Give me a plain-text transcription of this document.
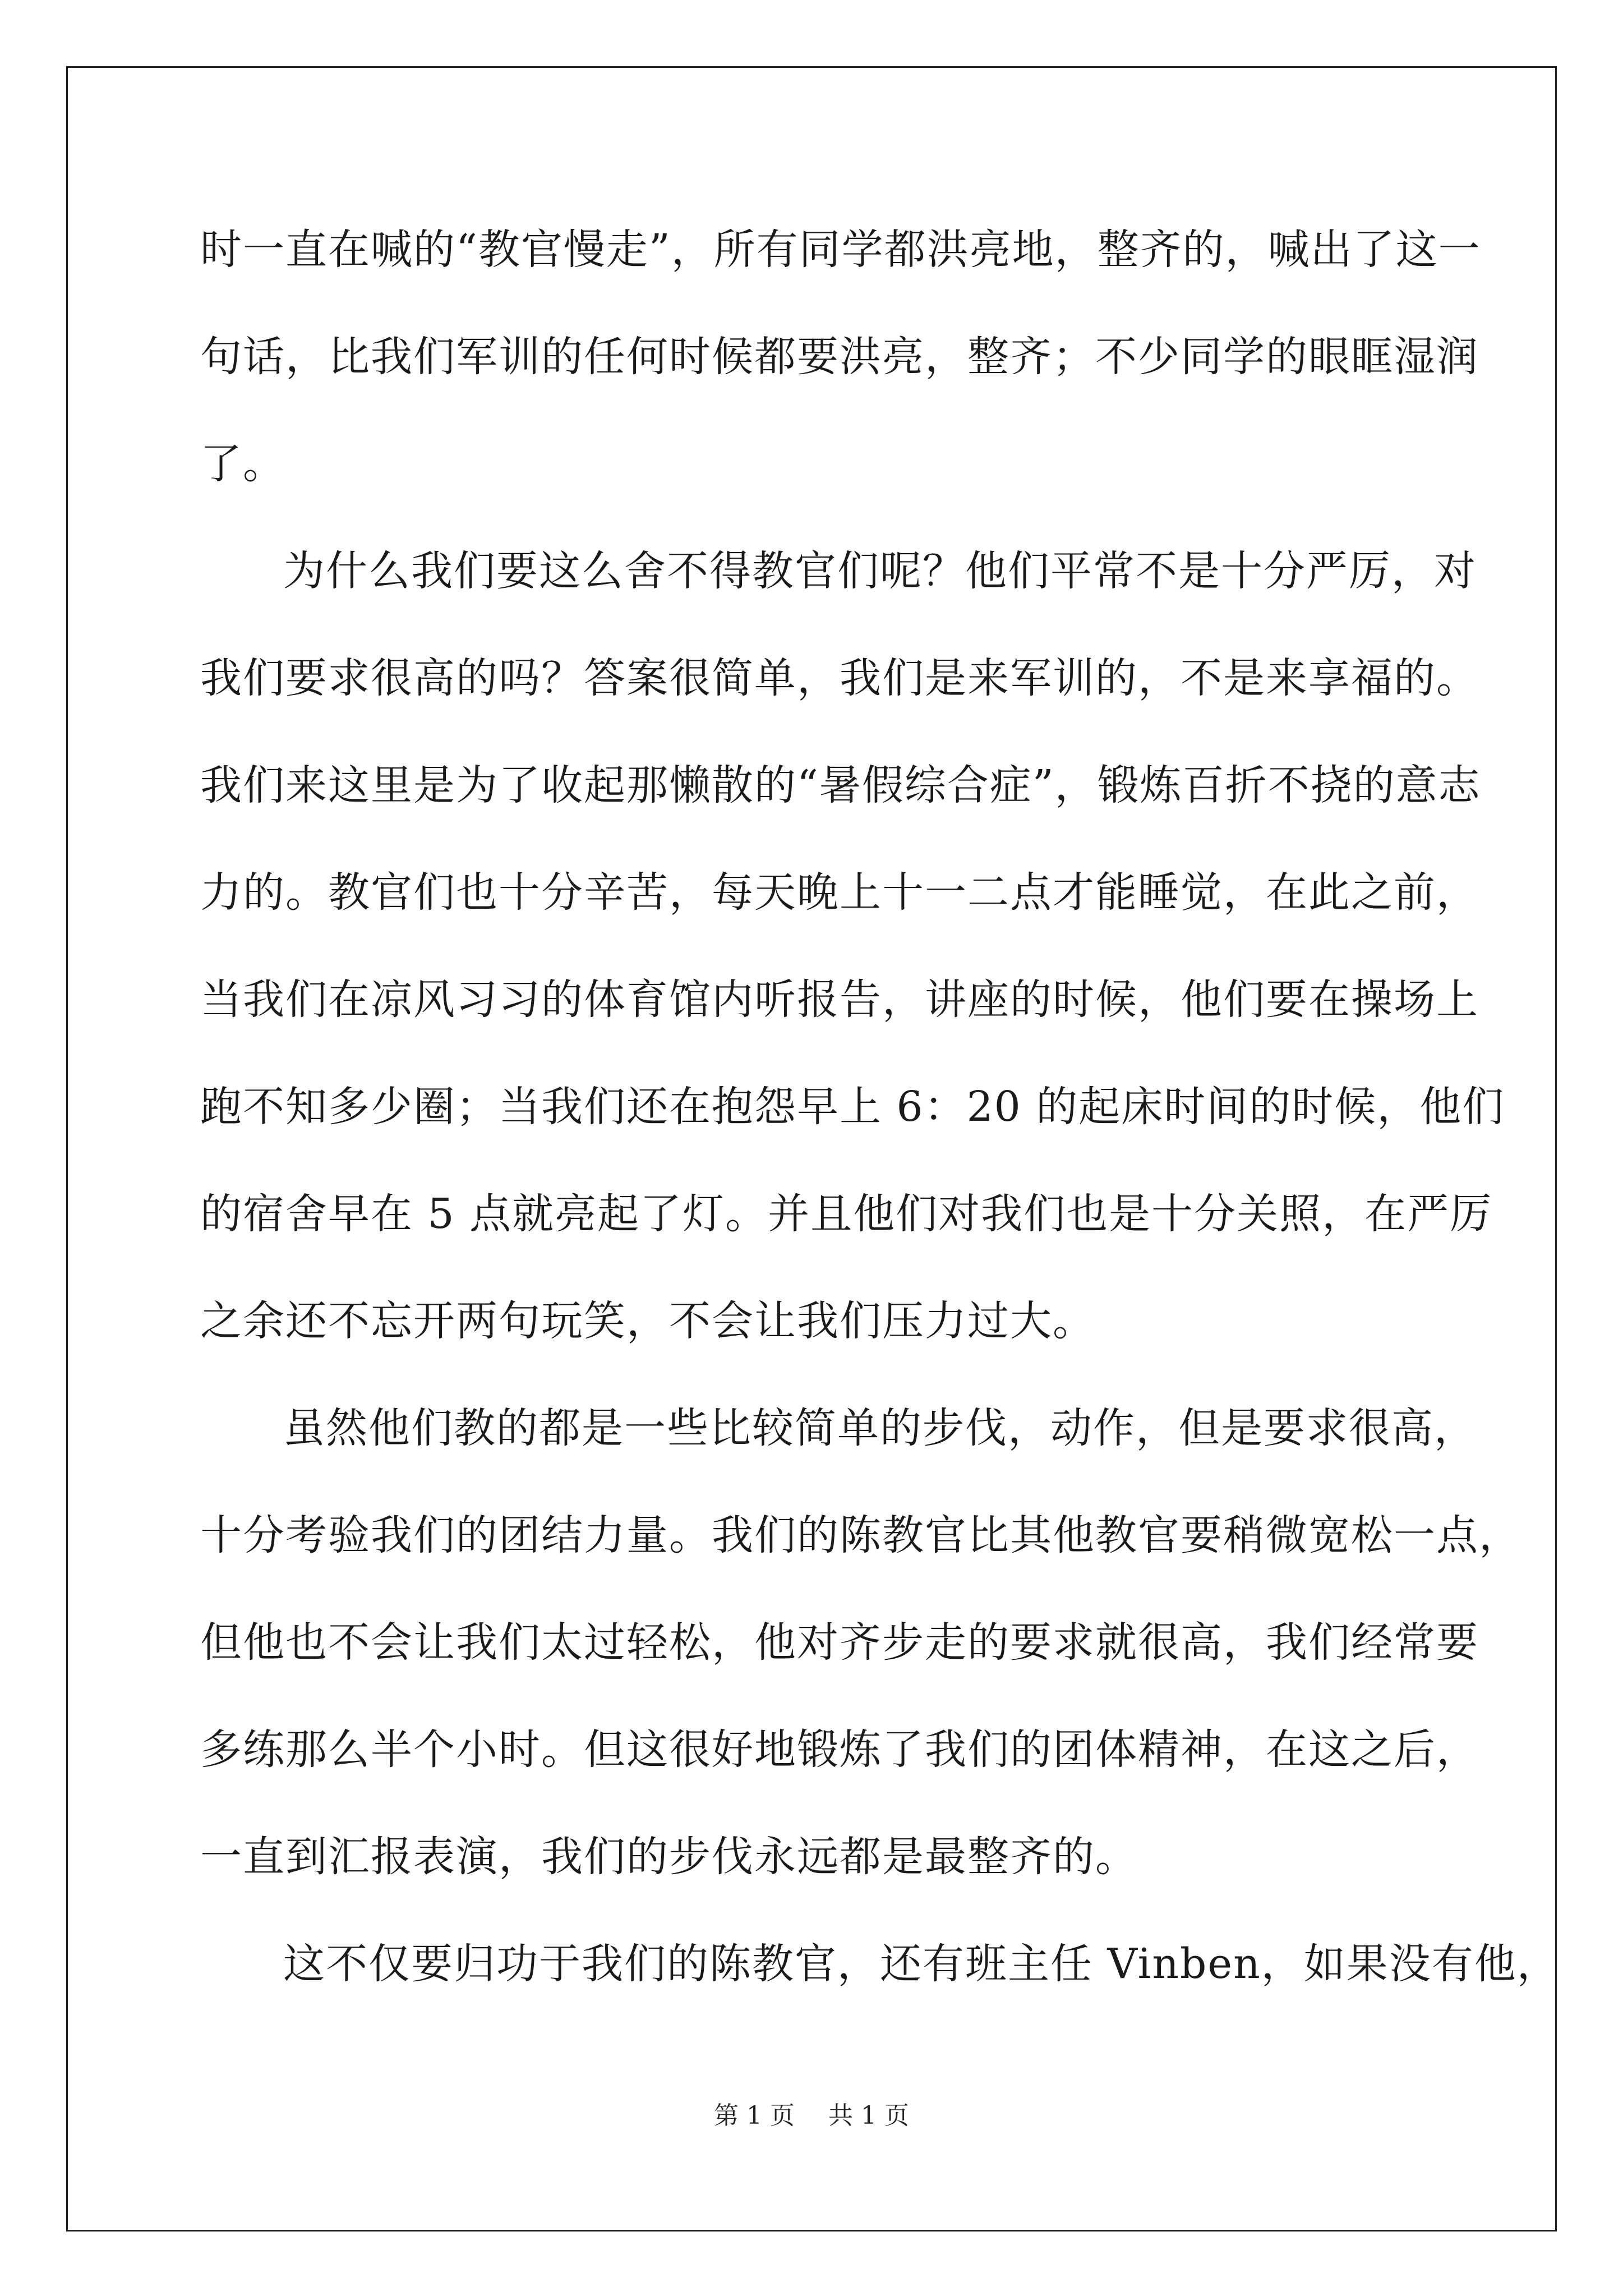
时一直在喊的“教官慢走”，所有同学都洪亮地，整齐的，喊出了这一
句话，比我们军训的任何时候都要洪亮，整齐；不少同学的眼眶湿润
了。
为什么我们要这么舍不得教官们呢？他们平常不是十分严厉，对
我们要求很高的吗？答案很简单，我们是来军训的，不是来享福的。
我们来这里是为了收起那懒散的“暑假综合症”，锻炼百折不挠的意志
力的。教官们也十分辛苦，每天晚上十一二点才能睡觉，在此之前，
当我们在凉风习习的体育馆内听报告，讲座的时候，他们要在操场上
跑不知多少圈；当我们还在抱怨早上 6：20 的起床时间的时候，他们
的宿舍早在 5 点就亮起了灯。并且他们对我们也是十分关照，在严厉
之余还不忘开两句玩笑，不会让我们压力过大。
虽然他们教的都是一些比较简单的步伐，动作，但是要求很高，
十分考验我们的团结力量。我们的陈教官比其他教官要稍微宽松一点，
但他也不会让我们太过轻松，他对齐步走的要求就很高，我们经常要
多练那么半个小时。但这很好地锻炼了我们的团体精神，在这之后，
一直到汇报表演，我们的步伐永远都是最整齐的。
这不仅要归功于我们的陈教官，还有班主任 Vinben，如果没有他，
第 1 页 共 1 页
